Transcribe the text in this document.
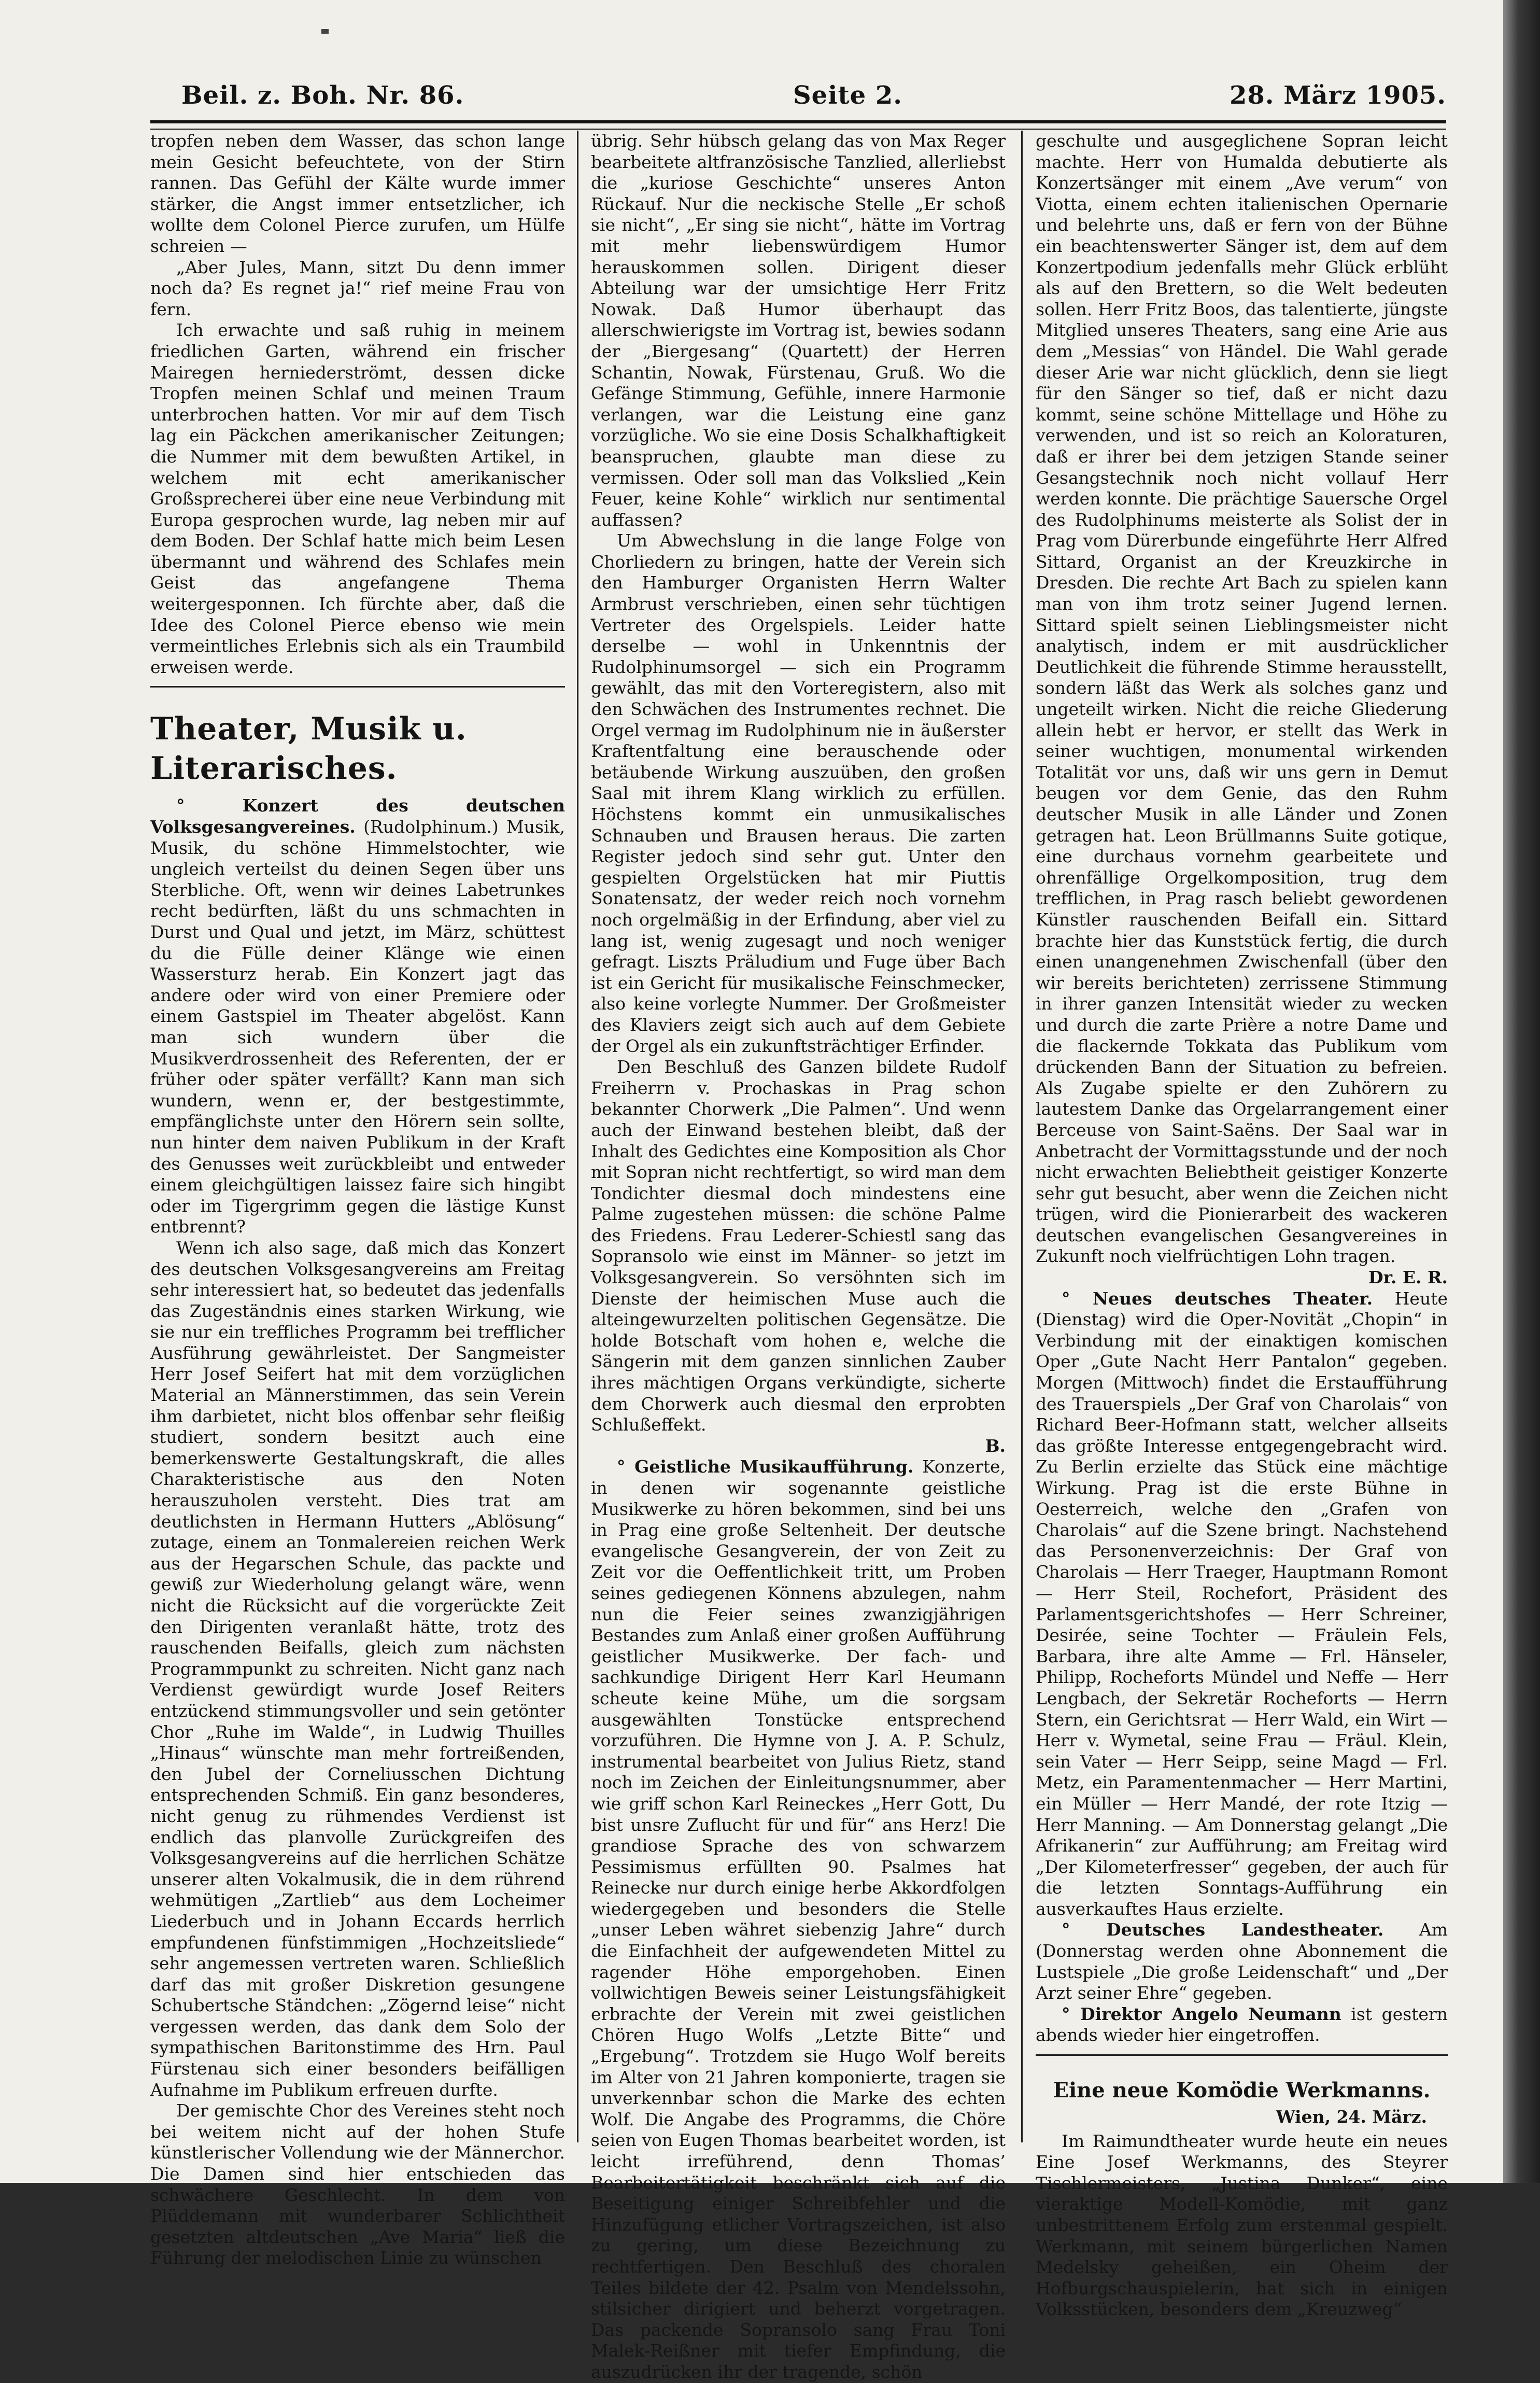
Beil. z. Boh. Nr. 86.	Seite 2.	28. März 1905.

tropfen neben dem Wasser, das schon lange mein Gesicht befeuchtete, von der Stirn rannen. Das Gefühl der Kälte wurde immer stärker, die Angst immer entsetzlicher, ich wollte dem Colonel Pierce zurufen, um Hülfe schreien —

„Aber Jules, Mann, sitzt Du denn immer noch da? Es regnet ja!“ rief meine Frau von fern.

Ich erwachte und saß ruhig in meinem friedlichen Garten, während ein frischer Mairegen herniederströmt, dessen dicke Tropfen meinen Schlaf und meinen Traum unterbrochen hatten. Vor mir auf dem Tisch lag ein Päckchen amerikanischer Zeitungen; die Nummer mit dem bewußten Artikel, in welchem mit echt amerikanischer Großsprecherei über eine neue Verbindung mit Europa gesprochen wurde, lag neben mir auf dem Boden. Der Schlaf hatte mich beim Lesen übermannt und während des Schlafes mein Geist das angefangene Thema weitergesponnen. Ich fürchte aber, daß die Idee des Colonel Pierce ebenso wie mein vermeintliches Erlebnis sich als ein Traumbild erweisen werde.

Theater, Musik u. Literarisches.

° Konzert des deutschen Volksgesangvereines. (Rudolphinum.) Musik, Musik, du schöne Himmelstochter, wie ungleich verteilst du deinen Segen über uns Sterbliche. Oft, wenn wir deines Labetrunkes recht bedürften, läßt du uns schmachten in Durst und Qual und jetzt, im März, schüttest du die Fülle deiner Klänge wie einen Wassersturz herab. Ein Konzert jagt das andere oder wird von einer Premiere oder einem Gastspiel im Theater abgelöst. Kann man sich wundern über die Musikverdrossenheit des Referenten, der er früher oder später verfällt? Kann man sich wundern, wenn er, der bestgestimmte, empfänglichste unter den Hörern sein sollte, nun hinter dem naiven Publikum in der Kraft des Genusses weit zurückbleibt und entweder einem gleichgültigen laissez faire sich hingibt oder im Tigergrimm gegen die lästige Kunst entbrennt?

Wenn ich also sage, daß mich das Konzert des deutschen Volksgesangvereins am Freitag sehr interessiert hat, so bedeutet das jedenfalls das Zugeständnis eines starken Wirkung, wie sie nur ein treffliches Programm bei trefflicher Ausführung gewährleistet. Der Sangmeister Herr Josef Seifert hat mit dem vorzüglichen Material an Männerstimmen, das sein Verein ihm darbietet, nicht blos offenbar sehr fleißig studiert, sondern besitzt auch eine bemerkenswerte Gestaltungskraft, die alles Charakteristische aus den Noten herauszuholen versteht. Dies trat am deutlichsten in Hermann Hutters „Ablösung“ zutage, einem an Tonmalereien reichen Werk aus der Hegarschen Schule, das packte und gewiß zur Wiederholung gelangt wäre, wenn nicht die Rücksicht auf die vorgerückte Zeit den Dirigenten veranlaßt hätte, trotz des rauschenden Beifalls, gleich zum nächsten Programmpunkt zu schreiten. Nicht ganz nach Verdienst gewürdigt wurde Josef Reiters entzückend stimmungsvoller und sein getönter Chor „Ruhe im Walde“, in Ludwig Thuilles „Hinaus“ wünschte man mehr fortreißenden, den Jubel der Corneliusschen Dichtung entsprechenden Schmiß. Ein ganz besonderes, nicht genug zu rühmendes Verdienst ist endlich das planvolle Zurückgreifen des Volksgesangvereins auf die herrlichen Schätze unserer alten Vokalmusik, die in dem rührend wehmütigen „Zartlieb“ aus dem Locheimer Liederbuch und in Johann Eccards herrlich empfundenen fünfstimmigen „Hochzeitsliede“ sehr angemessen vertreten waren. Schließlich darf das mit großer Diskretion gesungene Schubertsche Ständchen: „Zögernd leise“ nicht vergessen werden, das dank dem Solo der sympathischen Baritonstimme des Hrn. Paul Fürstenau sich einer besonders beifälligen Aufnahme im Publikum erfreuen durfte.

Der gemischte Chor des Vereines steht noch bei weitem nicht auf der hohen Stufe künstlerischer Vollendung wie der Männerchor. Die Damen sind hier entschieden das schwächere Geschlecht. In dem von Plüddemann mit wunderbarer Schlichtheit gesetzten altdeutschen „Ave Maria“ ließ die Führung der melodischen Linie zu wünschen

übrig. Sehr hübsch gelang das von Max Reger bearbeitete altfranzösische Tanzlied, allerliebst die „kuriose Geschichte“ unseres Anton Rückauf. Nur die neckische Stelle „Er schoß sie nicht“, „Er sing sie nicht“, hätte im Vortrag mit mehr liebenswürdigem Humor herauskommen sollen. Dirigent dieser Abteilung war der umsichtige Herr Fritz Nowak. Daß Humor überhaupt das allerschwierigste im Vortrag ist, bewies sodann der „Biergesang“ (Quartett) der Herren Schantin, Nowak, Fürstenau, Gruß. Wo die Gefänge Stimmung, Gefühle, innere Harmonie verlangen, war die Leistung eine ganz vorzügliche. Wo sie eine Dosis Schalkhaftigkeit beanspruchen, glaubte man diese zu vermissen. Oder soll man das Volkslied „Kein Feuer, keine Kohle“ wirklich nur sentimental auffassen?

Um Abwechslung in die lange Folge von Chorliedern zu bringen, hatte der Verein sich den Hamburger Organisten Herrn Walter Armbrust verschrieben, einen sehr tüchtigen Vertreter des Orgelspiels. Leider hatte derselbe — wohl in Unkenntnis der Rudolphinumsorgel — sich ein Programm gewählt, das mit den Vorteregistern, also mit den Schwächen des Instrumentes rechnet. Die Orgel vermag im Rudolphinum nie in äußerster Kraftentfaltung eine berauschende oder betäubende Wirkung auszuüben, den großen Saal mit ihrem Klang wirklich zu erfüllen. Höchstens kommt ein unmusikalisches Schnauben und Brausen heraus. Die zarten Register jedoch sind sehr gut. Unter den gespielten Orgelstücken hat mir Piuttis Sonatensatz, der weder reich noch vornehm noch orgelmäßig in der Erfindung, aber viel zu lang ist, wenig zugesagt und noch weniger gefragt. Liszts Präludium und Fuge über Bach ist ein Gericht für musikalische Feinschmecker, also keine vorlegte Nummer. Der Großmeister des Klaviers zeigt sich auch auf dem Gebiete der Orgel als ein zukunftsträchtiger Erfinder.

Den Beschluß des Ganzen bildete Rudolf Freiherrn v. Prochaskas in Prag schon bekannter Chorwerk „Die Palmen“. Und wenn auch der Einwand bestehen bleibt, daß der Inhalt des Gedichtes eine Komposition als Chor mit Sopran nicht rechtfertigt, so wird man dem Tondichter diesmal doch mindestens eine Palme zugestehen müssen: die schöne Palme des Friedens. Frau Lederer-Schiestl sang das Sopransolo wie einst im Männer- so jetzt im Volksgesangverein. So versöhnten sich im Dienste der heimischen Muse auch die alteingewurzelten politischen Gegensätze. Die holde Botschaft vom hohen e, welche die Sängerin mit dem ganzen sinnlichen Zauber ihres mächtigen Organs verkündigte, sicherte dem Chorwerk auch diesmal den erprobten Schlußeffekt.

B.

° Geistliche Musikaufführung. Konzerte, in denen wir sogenannte geistliche Musikwerke zu hören bekommen, sind bei uns in Prag eine große Seltenheit. Der deutsche evangelische Gesangverein, der von Zeit zu Zeit vor die Oeffentlichkeit tritt, um Proben seines gediegenen Könnens abzulegen, nahm nun die Feier seines zwanzigjährigen Bestandes zum Anlaß einer großen Aufführung geistlicher Musikwerke. Der fach- und sachkundige Dirigent Herr Karl Heumann scheute keine Mühe, um die sorgsam ausgewählten Tonstücke entsprechend vorzuführen. Die Hymne von J. A. P. Schulz, instrumental bearbeitet von Julius Rietz, stand noch im Zeichen der Einleitungsnummer, aber wie griff schon Karl Reineckes „Herr Gott, Du bist unsre Zuflucht für und für“ ans Herz! Die grandiose Sprache des von schwarzem Pessimismus erfüllten 90. Psalmes hat Reinecke nur durch einige herbe Akkordfolgen wiedergegeben und besonders die Stelle „unser Leben währet siebenzig Jahre“ durch die Einfachheit der aufgewendeten Mittel zu ragender Höhe emporgehoben. Einen vollwichtigen Beweis seiner Leistungsfähigkeit erbrachte der Verein mit zwei geistlichen Chören Hugo Wolfs „Letzte Bitte“ und „Ergebung“. Trotzdem sie Hugo Wolf bereits im Alter von 21 Jahren komponierte, tragen sie unverkennbar schon die Marke des echten Wolf. Die Angabe des Programms, die Chöre seien von Eugen Thomas bearbeitet worden, ist leicht irreführend, denn Thomas’ Bearbeitertätigkeit beschränkt sich auf die Beseitigung einiger Schreibfehler und die Hinzufügung etlicher Vortragszeichen, ist also zu gering, um diese Bezeichnung zu rechtfertigen. Den Beschluß des choralen Teiles bildete der 42. Psalm von Mendelssohn, stilsicher dirigiert und beherzt vorgetragen. Das packende Sopransolo sang Frau Toni Malek-Reißner mit tiefer Empfindung, die auszudrücken ihr der tragende, schön

geschulte und ausgeglichene Sopran leicht machte. Herr von Humalda debutierte als Konzertsänger mit einem „Ave verum“ von Viotta, einem echten italienischen Opernarie und belehrte uns, daß er fern von der Bühne ein beachtenswerter Sänger ist, dem auf dem Konzertpodium jedenfalls mehr Glück erblüht als auf den Brettern, so die Welt bedeuten sollen. Herr Fritz Boos, das talentierte, jüngste Mitglied unseres Theaters, sang eine Arie aus dem „Messias“ von Händel. Die Wahl gerade dieser Arie war nicht glücklich, denn sie liegt für den Sänger so tief, daß er nicht dazu kommt, seine schöne Mittellage und Höhe zu verwenden, und ist so reich an Koloraturen, daß er ihrer bei dem jetzigen Stande seiner Gesangstechnik noch nicht vollauf Herr werden konnte. Die prächtige Sauersche Orgel des Rudolphinums meisterte als Solist der in Prag vom Dürerbunde eingeführte Herr Alfred Sittard, Organist an der Kreuzkirche in Dresden. Die rechte Art Bach zu spielen kann man von ihm trotz seiner Jugend lernen. Sittard spielt seinen Lieblingsmeister nicht analytisch, indem er mit ausdrücklicher Deutlichkeit die führende Stimme herausstellt, sondern läßt das Werk als solches ganz und ungeteilt wirken. Nicht die reiche Gliederung allein hebt er hervor, er stellt das Werk in seiner wuchtigen, monumental wirkenden Totalität vor uns, daß wir uns gern in Demut beugen vor dem Genie, das den Ruhm deutscher Musik in alle Länder und Zonen getragen hat. Leon Brüllmanns Suite gotique, eine durchaus vornehm gearbeitete und ohrenfällige Orgelkomposition, trug dem trefflichen, in Prag rasch beliebt gewordenen Künstler rauschenden Beifall ein. Sittard brachte hier das Kunststück fertig, die durch einen unangenehmen Zwischenfall (über den wir bereits berichteten) zerrissene Stimmung in ihrer ganzen Intensität wieder zu wecken und durch die zarte Prière a notre Dame und die flackernde Tokkata das Publikum vom drückenden Bann der Situation zu befreien. Als Zugabe spielte er den Zuhörern zu lautestem Danke das Orgelarrangement einer Berceuse von Saint-Saëns. Der Saal war in Anbetracht der Vormittagsstunde und der noch nicht erwachten Beliebtheit geistiger Konzerte sehr gut besucht, aber wenn die Zeichen nicht trügen, wird die Pionierarbeit des wackeren deutschen evangelischen Gesangvereines in Zukunft noch vielfrüchtigen Lohn tragen.

Dr. E. R.

° Neues deutsches Theater. Heute (Dienstag) wird die Oper-Novität „Chopin“ in Verbindung mit der einaktigen komischen Oper „Gute Nacht Herr Pantalon“ gegeben. Morgen (Mittwoch) findet die Erstaufführung des Trauerspiels „Der Graf von Charolais“ von Richard Beer-Hofmann statt, welcher allseits das größte Interesse entgegengebracht wird. Zu Berlin erzielte das Stück eine mächtige Wirkung. Prag ist die erste Bühne in Oesterreich, welche den „Grafen von Charolais“ auf die Szene bringt. Nachstehend das Personenverzeichnis: Der Graf von Charolais — Herr Traeger, Hauptmann Romont — Herr Steil, Rochefort, Präsident des Parlamentsgerichtshofes — Herr Schreiner, Desirée, seine Tochter — Fräulein Fels, Barbara, ihre alte Amme — Frl. Hänseler, Philipp, Rocheforts Mündel und Neffe — Herr Lengbach, der Sekretär Rocheforts — Herrn Stern, ein Gerichtsrat — Herr Wald, ein Wirt — Herr v. Wymetal, seine Frau — Fräul. Klein, sein Vater — Herr Seipp, seine Magd — Frl. Metz, ein Paramentenmacher — Herr Martini, ein Müller — Herr Mandé, der rote Itzig — Herr Manning. — Am Donnerstag gelangt „Die Afrikanerin“ zur Aufführung; am Freitag wird „Der Kilometerfresser“ gegeben, der auch für die letzten Sonntags-Aufführung ein ausverkauftes Haus erzielte.

° Deutsches Landestheater. Am (Donnerstag werden ohne Abonnement die Lustspiele „Die große Leidenschaft“ und „Der Arzt seiner Ehre“ gegeben.

° Direktor Angelo Neumann ist gestern abends wieder hier eingetroffen.

Eine neue Komödie Werkmanns.
Wien, 24. März.

Im Raimundtheater wurde heute ein neues Eine Josef Werkmanns, des Steyrer Tischlermeisters, „Justina Dunker“, eine vieraktige Modell-Komödie, mit ganz unbestrittenem Erfolg zum erstenmal gespielt. Werkmann, mit seinem bürgerlichen Namen Medelsky geheißen, ein Oheim der Hofburgschauspielerin, hat sich in einigen Volksstücken, besonders dem „Kreuzweg“
